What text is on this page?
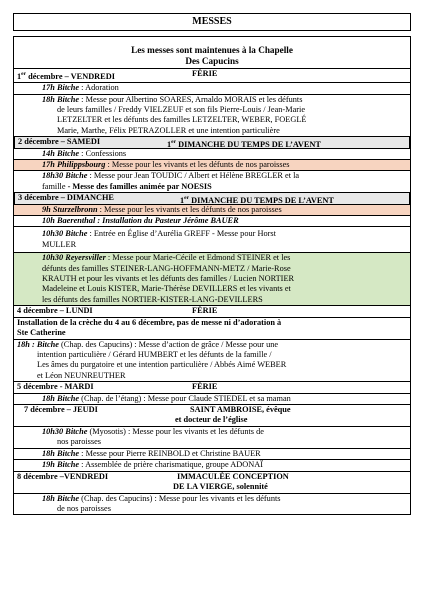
MESSES
Les messes sont maintenues à la Chapelle
Des Capucins
1er décembre – VENDREDI	FÉRIE
17h Bitche : Adoration
18h Bitche : Messe pour Albertino SOARES, Arnaldo MORAIS et les défunts
de leurs familles / Freddy VIELZEUF et son fils Pierre-Louis / Jean-Marie
LETZELTER et les défunts des familles LETZELTER, WEBER, FOEGLÉ
Marie, Marthe, Félix PETRAZOLLER et une intention particulière
2 décembre – SAMEDI	1er DIMANCHE DU TEMPS DE L’AVENT
14h Bitche : Confessions
17h Philippsbourg : Messe pour les vivants et les défunts de nos paroisses
18h30 Bitche : Messe pour Jean TOUDIC / Albert et Hélène BREGLER et la
famille - Messe des familles animée par NOESIS
3 décembre – DIMANCHE	1er DIMANCHE DU TEMPS DE L’AVENT
9h Sturzelbronn : Messe pour les vivants et les défunts de nos paroisses
10h Baerenthal : Installation du Pasteur Jérôme BAUER
10h30 Bitche : Entrée en Église d’Aurélia GREFF - Messe pour Horst
MULLER
10h30 Reyersviller : Messe pour Marie-Cécile et Edmond STEINER et les
défunts des familles STEINER-LANG-HOFFMANN-METZ / Marie-Rose
KRAUTH et pour les vivants et les défunts des familles / Lucien NORTIER
Madeleine et Louis KISTER, Marie-Thérèse DEVILLERS et les vivants et
les défunts des familles NORTIER-KISTER-LANG-DEVILLERS
4 décembre – LUNDI	FÉRIE
Installation de la crèche du 4 au 6 décembre, pas de messe ni d’adoration à
Ste Catherine
18h : Bitche (Chap. des Capucins) : Messe d’action de grâce / Messe pour une
intention particulière / Gérard HUMBERT et les défunts de la famille /
Les âmes du purgatoire et une intention particulière / Abbés Aimé WEBER
et Léon NEUNREUTHER
5 décembre - MARDI	FÉRIE
18h Bitche (Chap. de l’étang) : Messe pour Claude STIEDEL et sa maman
7 décembre – JEUDI	SAINT AMBROISE, évêque
et docteur de l’église
10h30 Bitche (Myosotis) : Messe pour les vivants et les défunts de
nos paroisses
18h Bitche : Messe pour Pierre REINBOLD et Christine BAUER
19h Bitche : Assemblée de prière charismatique, groupe ADONAÏ
8 décembre –VENDREDI	IMMACULÉE CONCEPTION
DE LA VIERGE, solennité
18h Bitche (Chap. des Capucins) : Messe pour les vivants et les défunts
de nos paroisses
